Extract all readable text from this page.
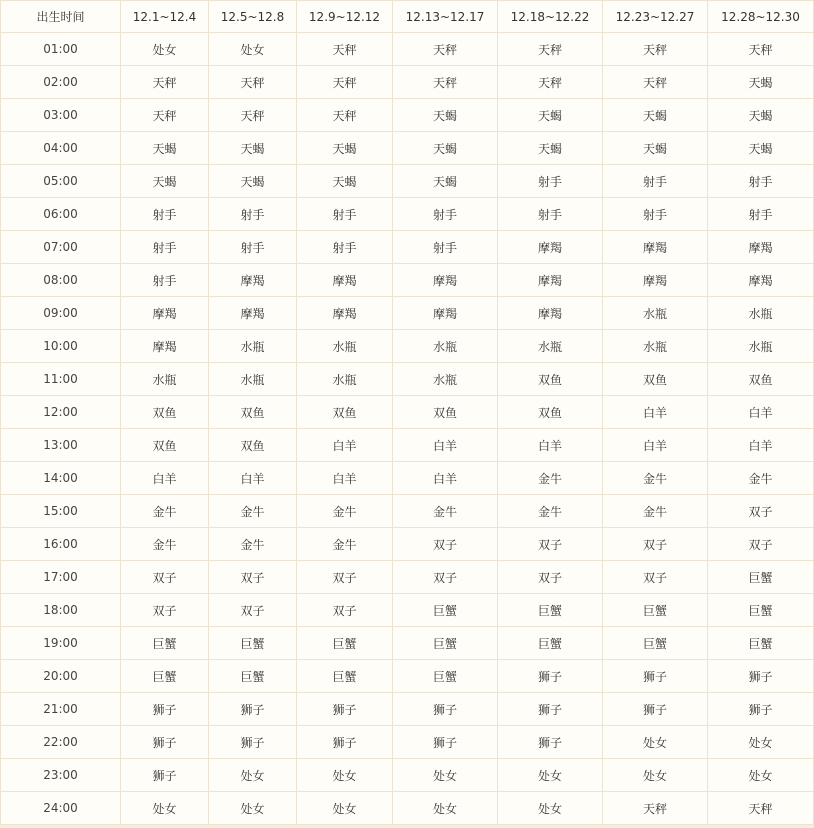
出生时间	12.1~12.4	12.5~12.8	12.9~12.12	12.13~12.17	12.18~12.22	12.23~12.27	12.28~12.30
01:00	处女	处女	天秤	天秤	天秤	天秤	天秤
02:00	天秤	天秤	天秤	天秤	天秤	天秤	天蝎
03:00	天秤	天秤	天秤	天蝎	天蝎	天蝎	天蝎
04:00	天蝎	天蝎	天蝎	天蝎	天蝎	天蝎	天蝎
05:00	天蝎	天蝎	天蝎	天蝎	射手	射手	射手
06:00	射手	射手	射手	射手	射手	射手	射手
07:00	射手	射手	射手	射手	摩羯	摩羯	摩羯
08:00	射手	摩羯	摩羯	摩羯	摩羯	摩羯	摩羯
09:00	摩羯	摩羯	摩羯	摩羯	摩羯	水瓶	水瓶
10:00	摩羯	水瓶	水瓶	水瓶	水瓶	水瓶	水瓶
11:00	水瓶	水瓶	水瓶	水瓶	双鱼	双鱼	双鱼
12:00	双鱼	双鱼	双鱼	双鱼	双鱼	白羊	白羊
13:00	双鱼	双鱼	白羊	白羊	白羊	白羊	白羊
14:00	白羊	白羊	白羊	白羊	金牛	金牛	金牛
15:00	金牛	金牛	金牛	金牛	金牛	金牛	双子
16:00	金牛	金牛	金牛	双子	双子	双子	双子
17:00	双子	双子	双子	双子	双子	双子	巨蟹
18:00	双子	双子	双子	巨蟹	巨蟹	巨蟹	巨蟹
19:00	巨蟹	巨蟹	巨蟹	巨蟹	巨蟹	巨蟹	巨蟹
20:00	巨蟹	巨蟹	巨蟹	巨蟹	狮子	狮子	狮子
21:00	狮子	狮子	狮子	狮子	狮子	狮子	狮子
22:00	狮子	狮子	狮子	狮子	狮子	处女	处女
23:00	狮子	处女	处女	处女	处女	处女	处女
24:00	处女	处女	处女	处女	处女	天秤	天秤
